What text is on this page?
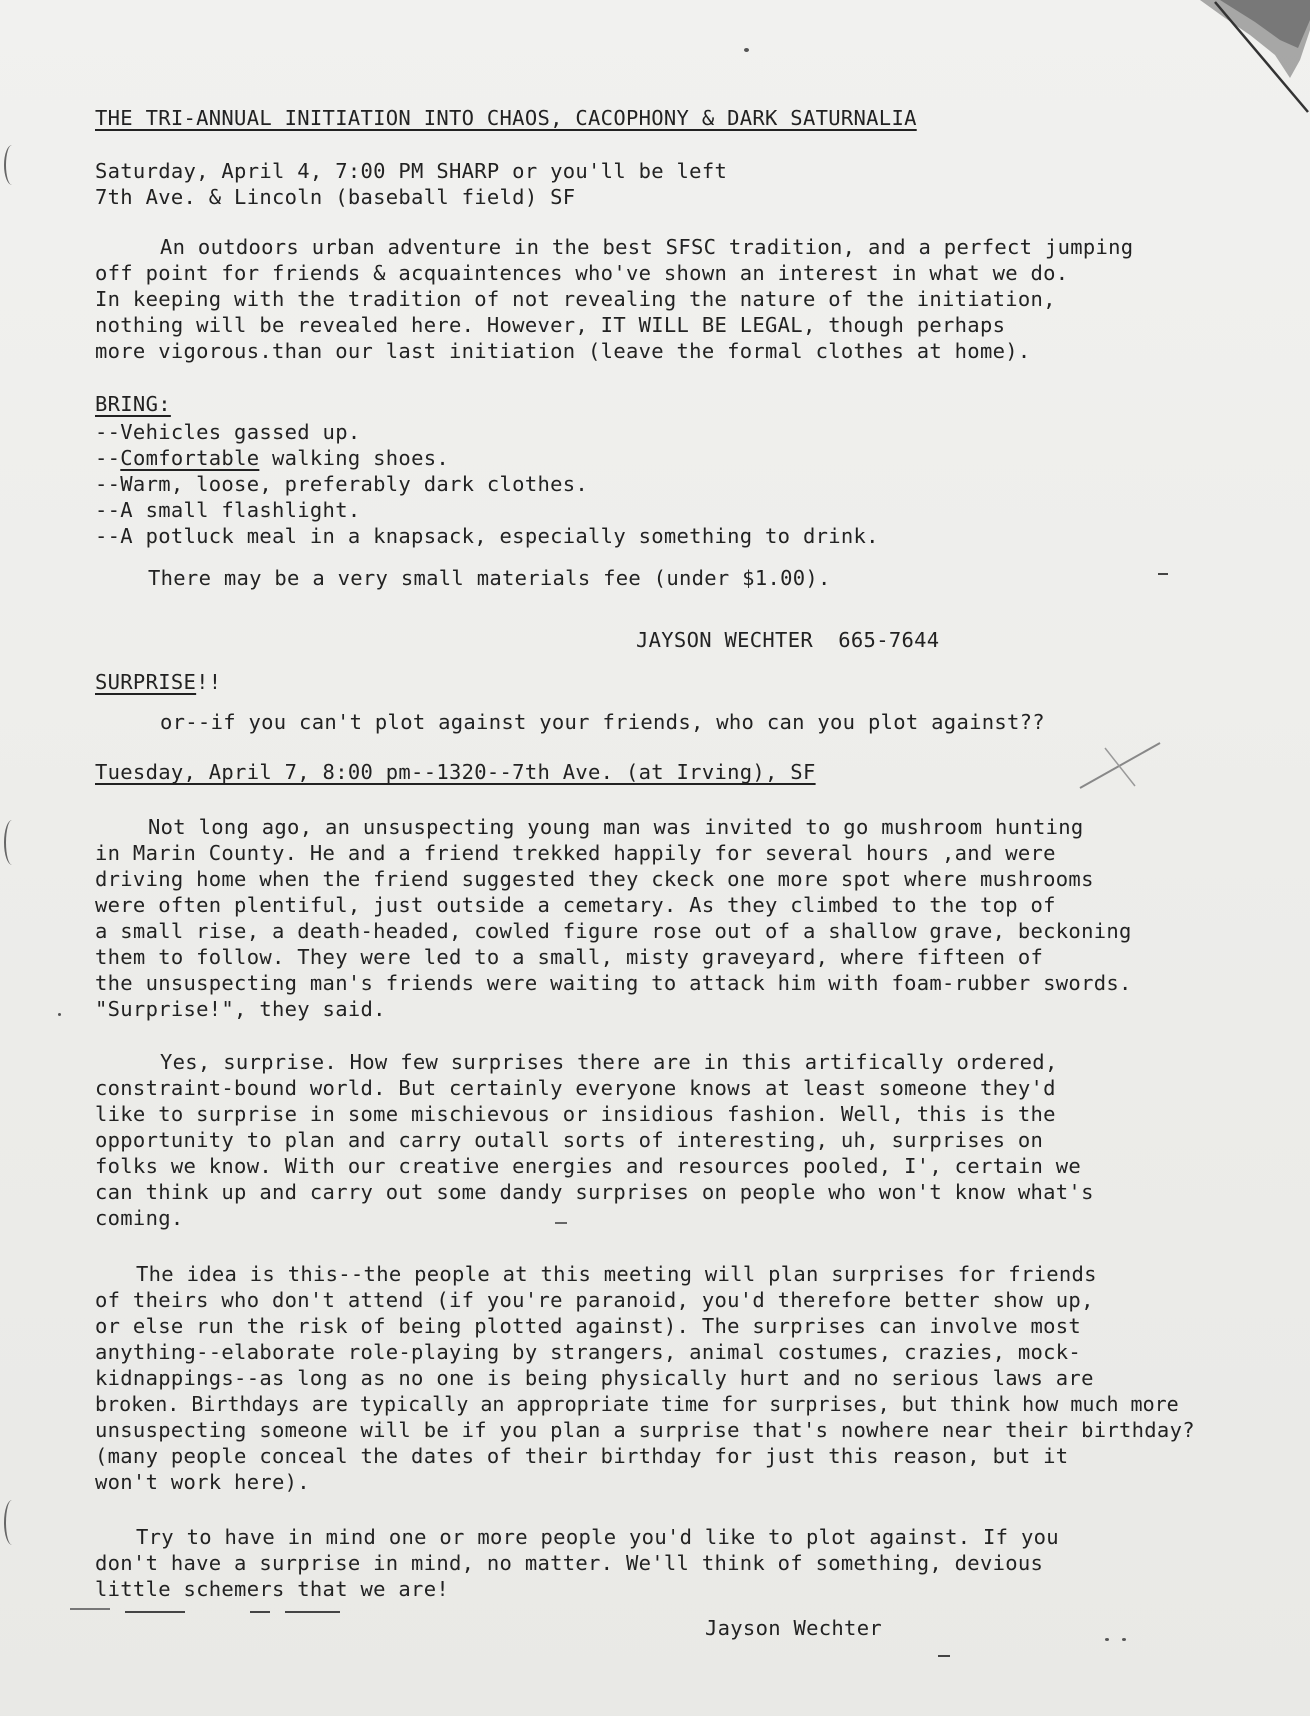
THE TRI-ANNUAL INITIATION INTO CHAOS, CACOPHONY & DARK SATURNALIA
Saturday, April 4, 7:00 PM SHARP or you'll be left
7th Ave. & Lincoln (baseball field) SF
An outdoors urban adventure in the best SFSC tradition, and a perfect jumping
off point for friends & acquaintences who've shown an interest in what we do.
In keeping with the tradition of not revealing the nature of the initiation,
nothing will be revealed here. However, IT WILL BE LEGAL, though perhaps
more vigorous.than our last initiation (leave the formal clothes at home).
BRING:
--Vehicles gassed up.
--Comfortable walking shoes.
--Warm, loose, preferably dark clothes.
--A small flashlight.
--A potluck meal in a knapsack, especially something to drink.
There may be a very small materials fee (under $1.00).
JAYSON WECHTER  665-7644
SURPRISE!!
or--if you can't plot against your friends, who can you plot against??
Tuesday, April 7, 8:00 pm--1320--7th Ave. (at Irving), SF
Not long ago, an unsuspecting young man was invited to go mushroom hunting
in Marin County. He and a friend trekked happily for several hours ,and were
driving home when the friend suggested they ckeck one more spot where mushrooms
were often plentiful, just outside a cemetary. As they climbed to the top of
a small rise, a death-headed, cowled figure rose out of a shallow grave, beckoning
them to follow. They were led to a small, misty graveyard, where fifteen of
the unsuspecting man's friends were waiting to attack him with foam-rubber swords.
"Surprise!", they said.
Yes, surprise. How few surprises there are in this artifically ordered,
constraint-bound world. But certainly everyone knows at least someone they'd
like to surprise in some mischievous or insidious fashion. Well, this is the
opportunity to plan and carry outall sorts of interesting, uh, surprises on
folks we know. With our creative energies and resources pooled, I', certain we
can think up and carry out some dandy surprises on people who won't know what's
coming.
The idea is this--the people at this meeting will plan surprises for friends
of theirs who don't attend (if you're paranoid, you'd therefore better show up,
or else run the risk of being plotted against). The surprises can involve most
anything--elaborate role-playing by strangers, animal costumes, crazies, mock-
kidnappings--as long as no one is being physically hurt and no serious laws are
broken. Birthdays are typically an appropriate time for surprises, but think how much more
unsuspecting someone will be if you plan a surprise that's nowhere near their birthday?
(many people conceal the dates of their birthday for just this reason, but it
won't work here).
Try to have in mind one or more people you'd like to plot against. If you
don't have a surprise in mind, no matter. We'll think of something, devious
little schemers that we are!
Jayson Wechter
